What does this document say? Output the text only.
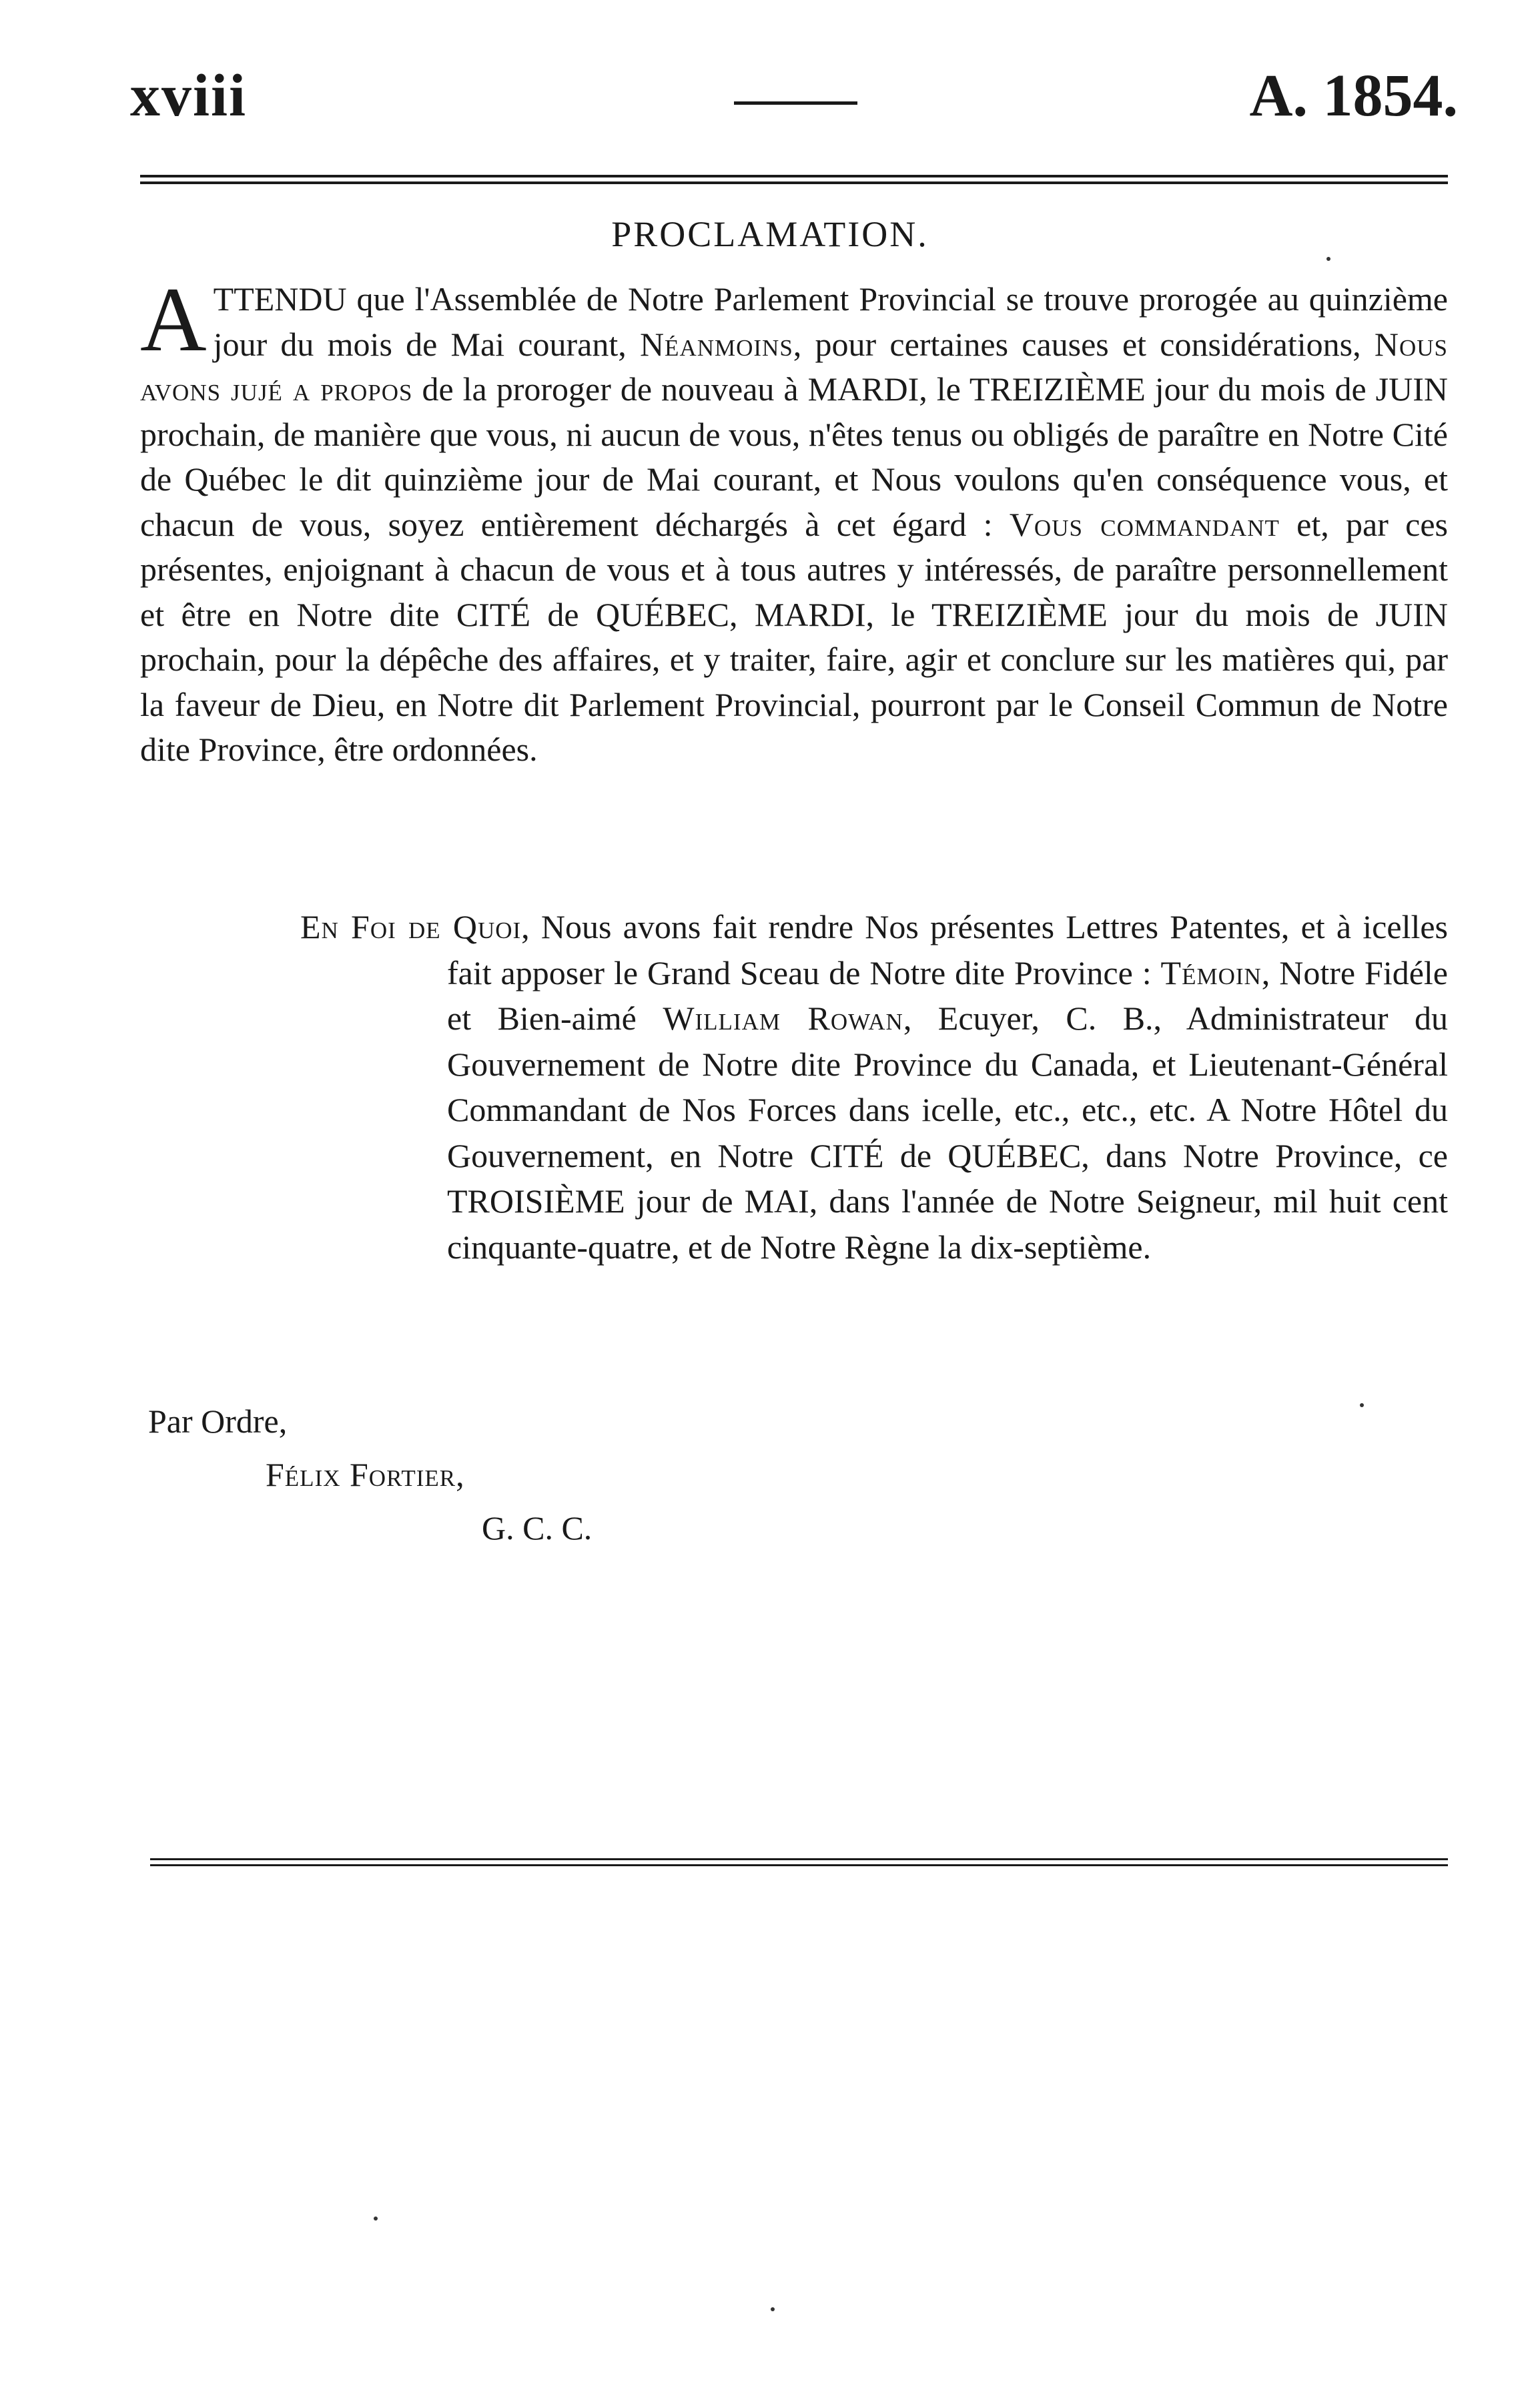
xviii	A. 1854.
PROCLAMATION.
ATTENDU que l'Assemblée de Notre Parlement Provincial se trouve prorogée au quinzième jour du mois de Mai courant, Néanmoins, pour certaines causes et considérations, Nous avons jujé a propos de la proroger de nouveau à MARDI, le TREIZIÈME jour du mois de JUIN prochain, de manière que vous, ni aucun de vous, n'êtes tenus ou obligés de paraître en Notre Cité de Québec le dit quinzième jour de Mai courant, et Nous voulons qu'en conséquence vous, et chacun de vous, soyez entièrement déchargés à cet égard : Vous commandant et, par ces présentes, enjoignant à chacun de vous et à tous autres y intéressés, de paraître personnellement et être en Notre dite CITÉ de QUÉBEC, MARDI, le TREIZIÈME jour du mois de JUIN prochain, pour la dépêche des affaires, et y traiter, faire, agir et conclure sur les matières qui, par la faveur de Dieu, en Notre dit Parlement Provincial, pourront par le Conseil Commun de Notre dite Province, être ordonnées.
En Foi de Quoi, Nous avons fait rendre Nos présentes Lettres Patentes, et à icelles fait apposer le Grand Sceau de Notre dite Province : Témoin, Notre Fidéle et Bien-aimé William Rowan, Ecuyer, C. B., Administrateur du Gouvernement de Notre dite Province du Canada, et Lieutenant-Général Commandant de Nos Forces dans icelle, etc., etc., etc. A Notre Hôtel du Gouvernement, en Notre CITÉ de QUÉBEC, dans Notre Province, ce TROISIÈME jour de MAI, dans l'année de Notre Seigneur, mil huit cent cinquante-quatre, et de Notre Règne la dix-septième.
Par Ordre,
Félix Fortier,
G. C. C.
